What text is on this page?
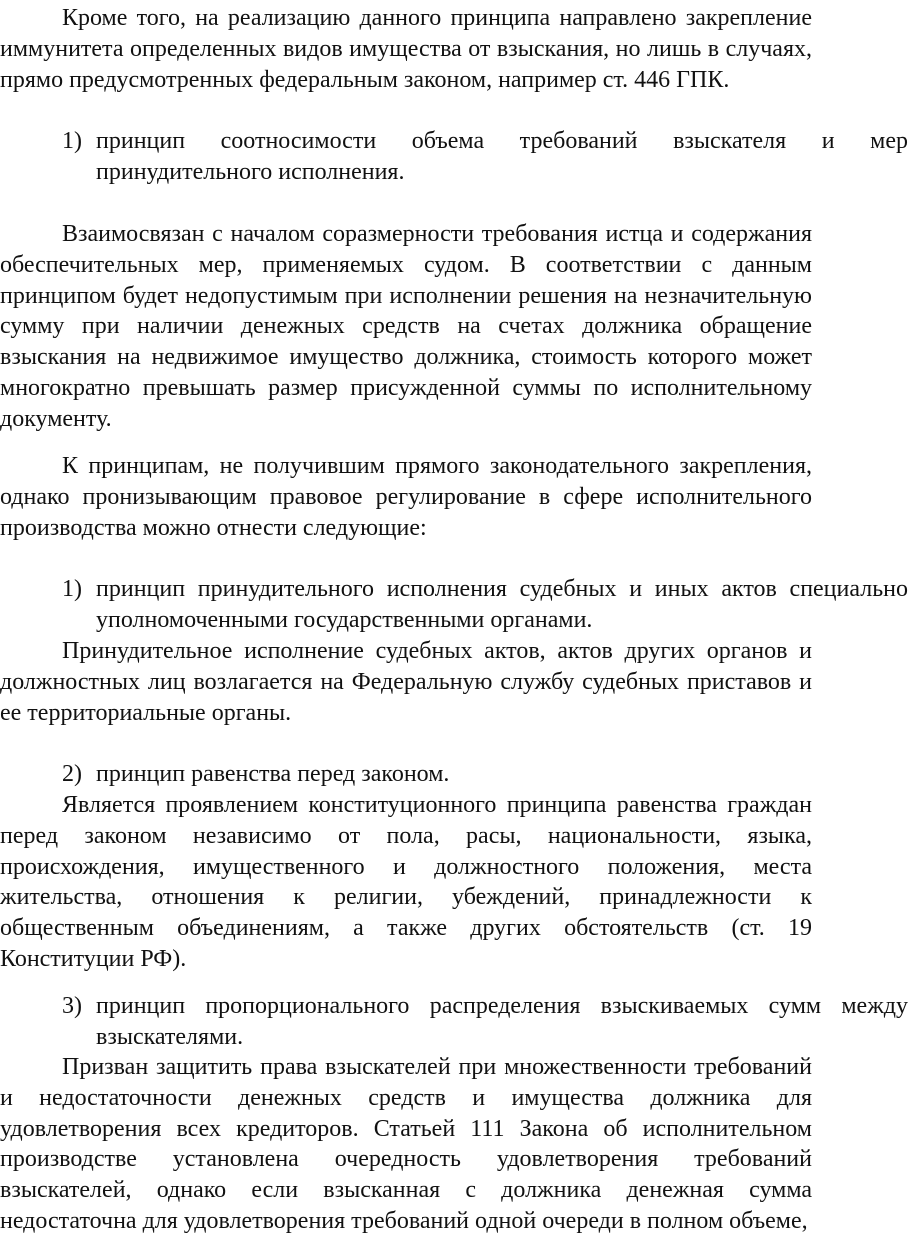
Кроме того, на реализацию данного принципа направлено закрепление иммунитета определенных видов имущества от взыскания, но лишь в случаях, прямо предусмотренных федеральным законом, например ст. 446 ГПК.

1) принцип соотносимости объема требований взыскателя и мер принудительного исполнения.

Взаимосвязан с началом соразмерности требования истца и содержания обеспечительных мер, применяемых судом. В соответствии с данным принципом будет недопустимым при исполнении решения на незначительную сумму при наличии денежных средств на счетах должника обращение взыскания на недвижимое имущество должника, стоимость которого может многократно превышать размер присужденной суммы по исполнительному документу.

К принципам, не получившим прямого законодательного закрепления, однако пронизывающим правовое регулирование в сфере исполнительного производства можно отнести следующие:

1) принцип принудительного исполнения судебных и иных актов специально уполномоченными государственными органами.

Принудительное исполнение судебных актов, актов других органов и должностных лиц возлагается на Федеральную службу судебных приставов и ее территориальные органы.

2) принцип равенства перед законом.

Является проявлением конституционного принципа равенства граждан перед законом независимо от пола, расы, национальности, языка, происхождения, имущественного и должностного положения, места жительства, отношения к религии, убеждений, принадлежности к общественным объединениям, а также других обстоятельств (ст. 19 Конституции РФ).

3) принцип пропорционального распределения взыскиваемых сумм между взыскателями.

Призван защитить права взыскателей при множественности требований и недостаточности денежных средств и имущества должника для удовлетворения всех кредиторов. Статьей 111 Закона об исполнительном производстве установлена очередность удовлетворения требований взыскателей, однако если взысканная с должника денежная сумма недостаточна для удовлетворения требований одной очереди в полном объеме,
